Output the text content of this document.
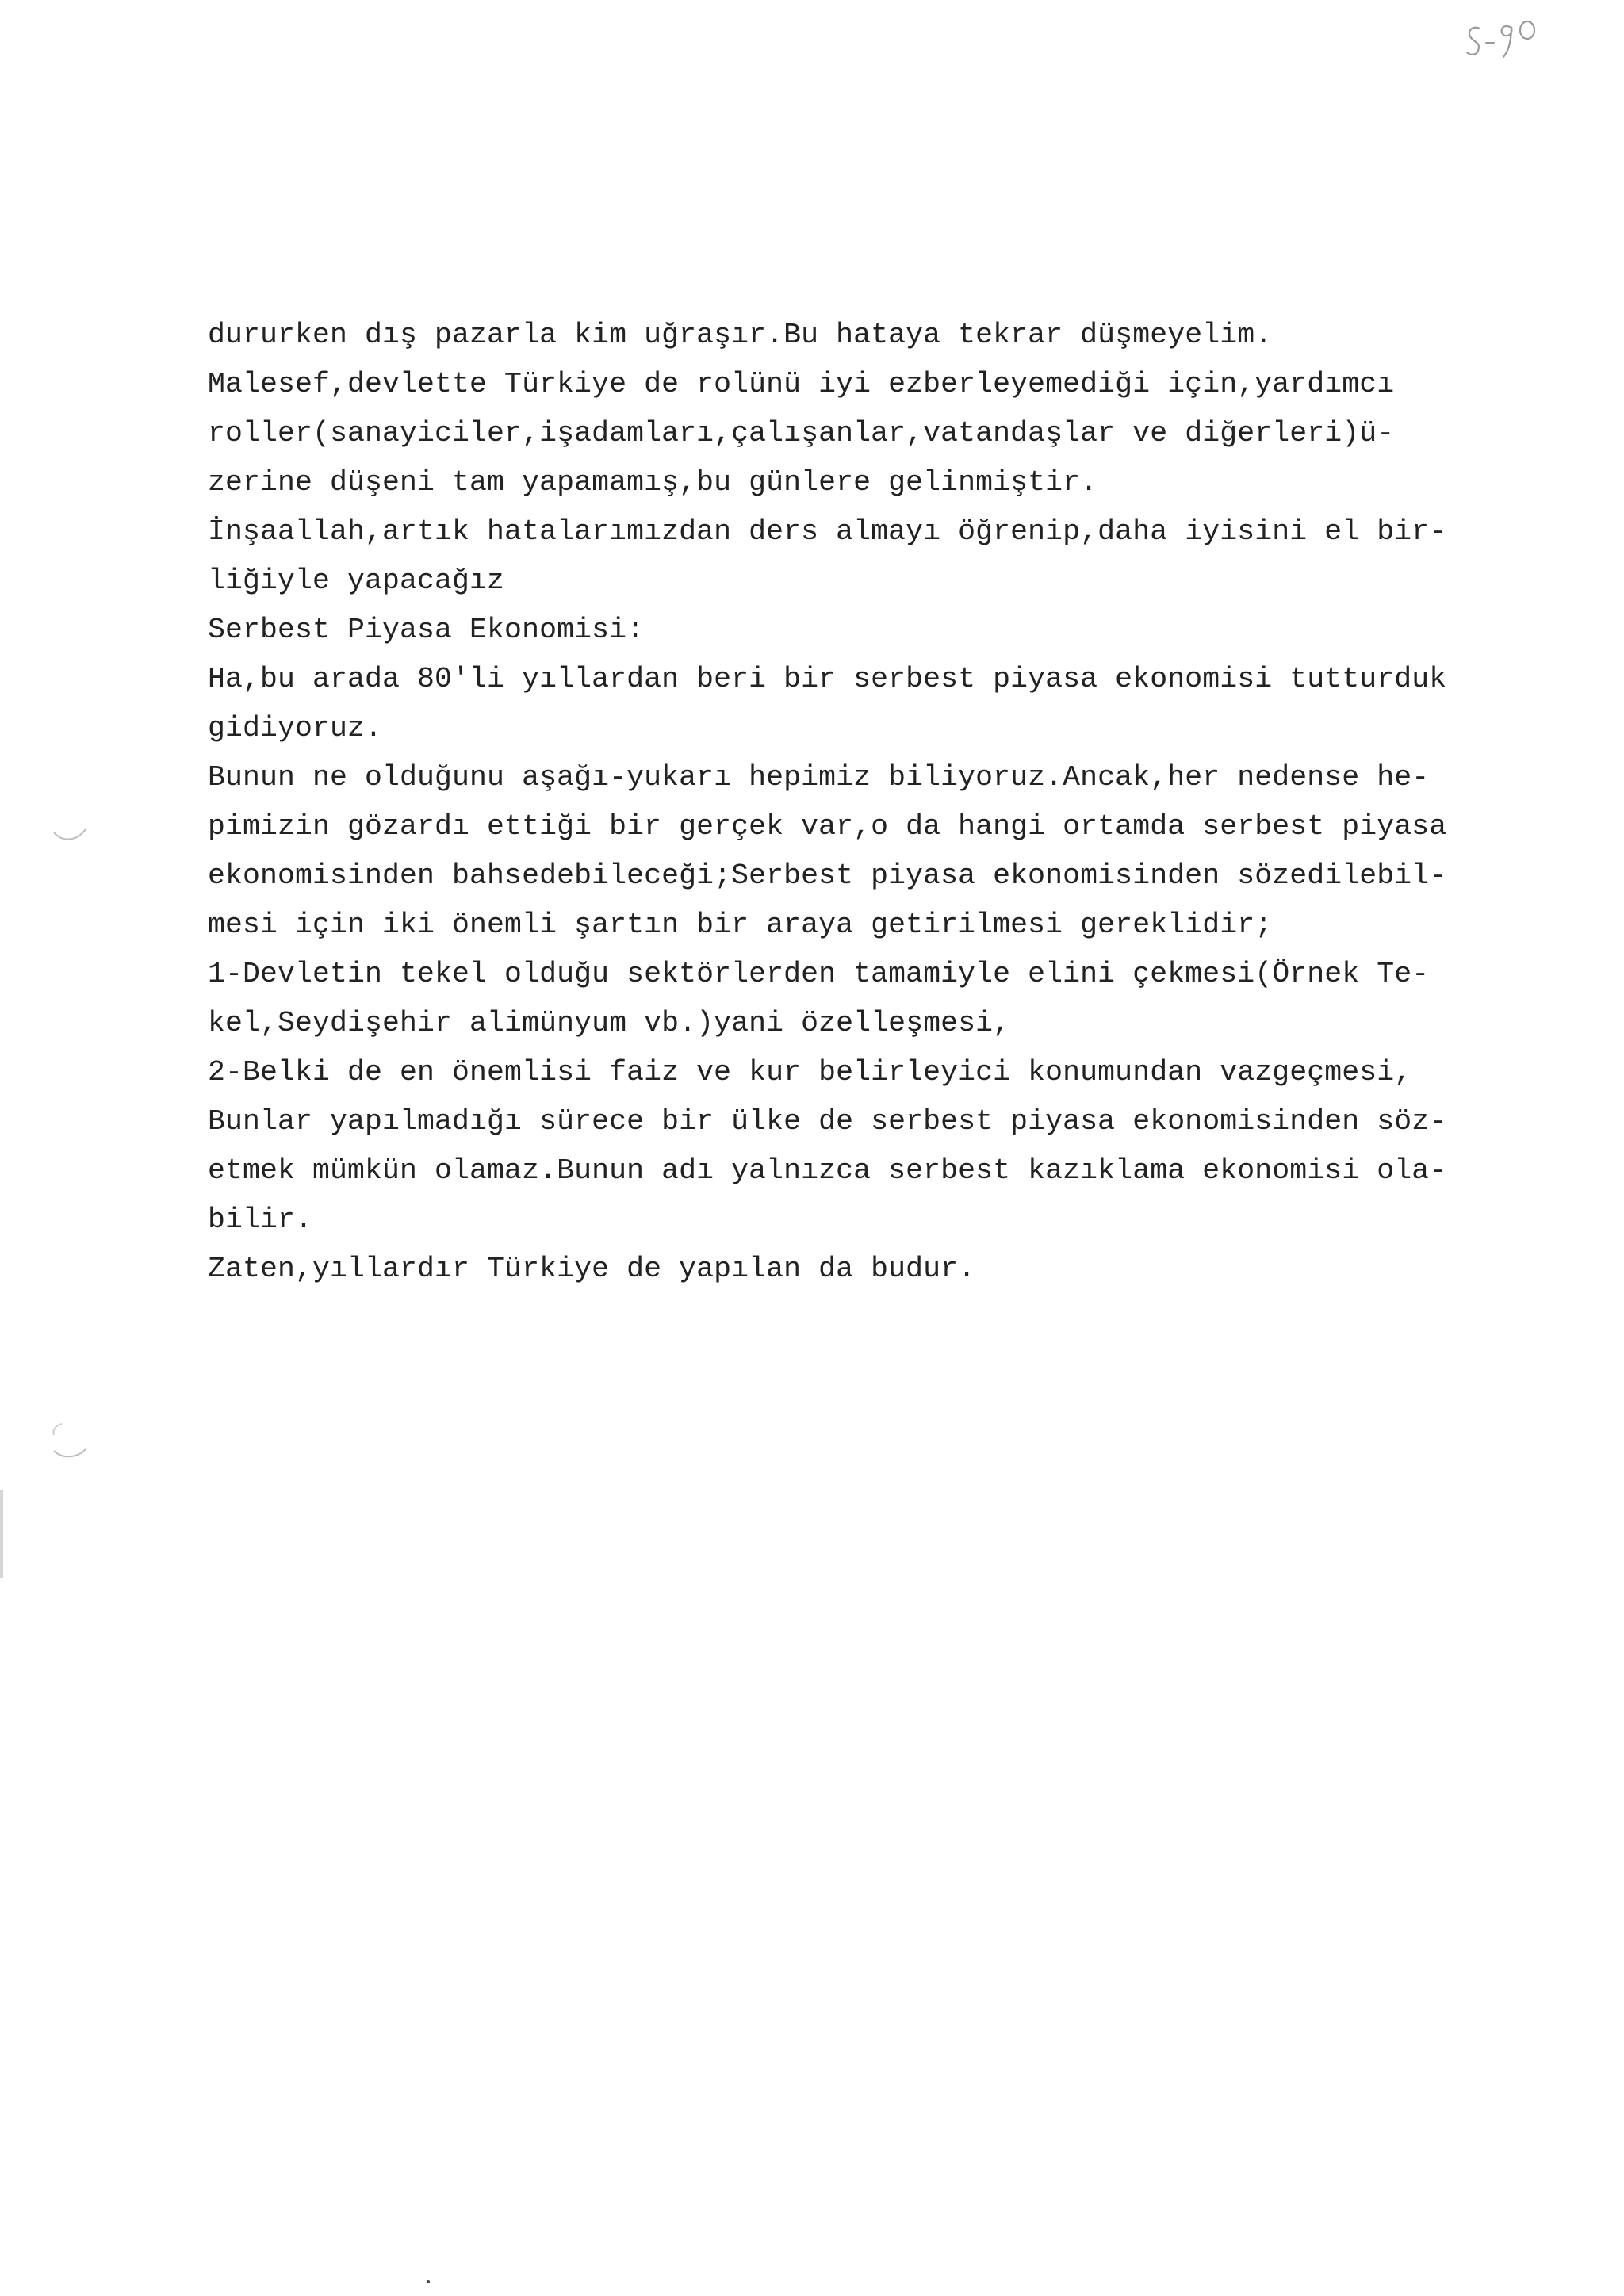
dururken dış pazarla kim uğraşır.Bu hataya tekrar düşmeyelim.
Malesef,devlette Türkiye de rolünü iyi ezberleyemediği için,yardımcı
roller(sanayiciler,işadamları,çalışanlar,vatandaşlar ve diğerleri)ü-
zerine düşeni tam yapamamış,bu günlere gelinmiştir.
İnşaallah,artık hatalarımızdan ders almayı öğrenip,daha iyisini el bir-
liğiyle yapacağız
Serbest Piyasa Ekonomisi:
Ha,bu arada 80'li yıllardan beri bir serbest piyasa ekonomisi tutturduk
gidiyoruz.
Bunun ne olduğunu aşağı-yukarı hepimiz biliyoruz.Ancak,her nedense he-
pimizin gözardı ettiği bir gerçek var,o da hangi ortamda serbest piyasa
ekonomisinden bahsedebileceği;Serbest piyasa ekonomisinden sözedilebil-
mesi için iki önemli şartın bir araya getirilmesi gereklidir;
1-Devletin tekel olduğu sektörlerden tamamiyle elini çekmesi(Örnek Te-
kel,Seydişehir alimünyum vb.)yani özelleşmesi,
2-Belki de en önemlisi faiz ve kur belirleyici konumundan vazgeçmesi,
Bunlar yapılmadığı sürece bir ülke de serbest piyasa ekonomisinden söz-
etmek mümkün olamaz.Bunun adı yalnızca serbest kazıklama ekonomisi ola-
bilir.
Zaten,yıllardır Türkiye de yapılan da budur.
